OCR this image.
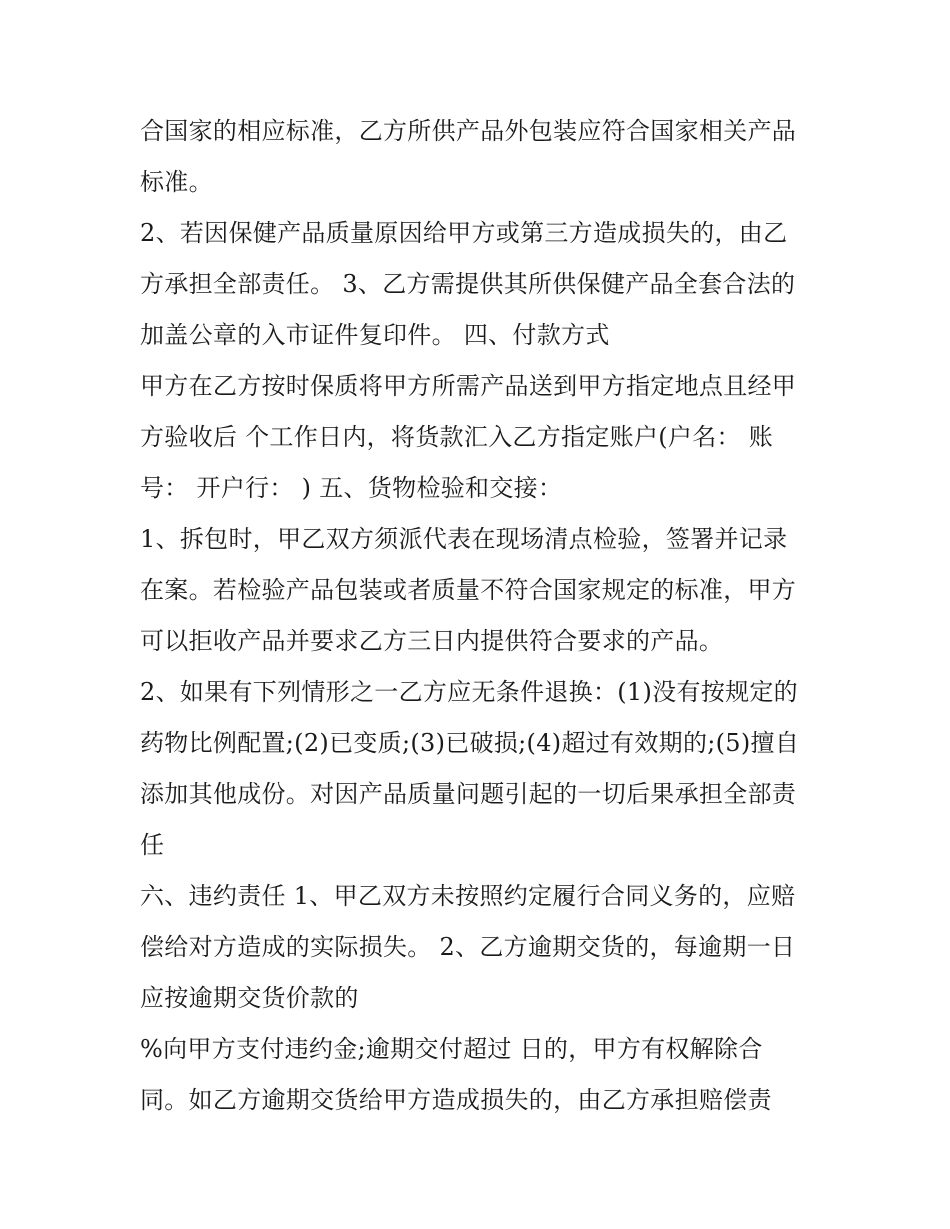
合国家的相应标准，乙方所供产品外包装应符合国家相关产品
标准。
2、若因保健产品质量原因给甲方或第三方造成损失的，由乙
方承担全部责任。 3、乙方需提供其所供保健产品全套合法的
加盖公章的入市证件复印件。 四、付款方式
甲方在乙方按时保质将甲方所需产品送到甲方指定地点且经甲
方验收后 个工作日内，将货款汇入乙方指定账户(户名： 账
号： 开户行： ) 五、货物检验和交接：
1、拆包时，甲乙双方须派代表在现场清点检验，签署并记录
在案。若检验产品包装或者质量不符合国家规定的标准，甲方
可以拒收产品并要求乙方三日内提供符合要求的产品。
2、如果有下列情形之一乙方应无条件退换：(1)没有按规定的
药物比例配置;(2)已变质;(3)已破损;(4)超过有效期的;(5)擅自
添加其他成份。对因产品质量问题引起的一切后果承担全部责
任
六、违约责任 1、甲乙双方未按照约定履行合同义务的，应赔
偿给对方造成的实际损失。 2、乙方逾期交货的，每逾期一日
应按逾期交货价款的
%向甲方支付违约金;逾期交付超过 日的，甲方有权解除合
同。如乙方逾期交货给甲方造成损失的，由乙方承担赔偿责
